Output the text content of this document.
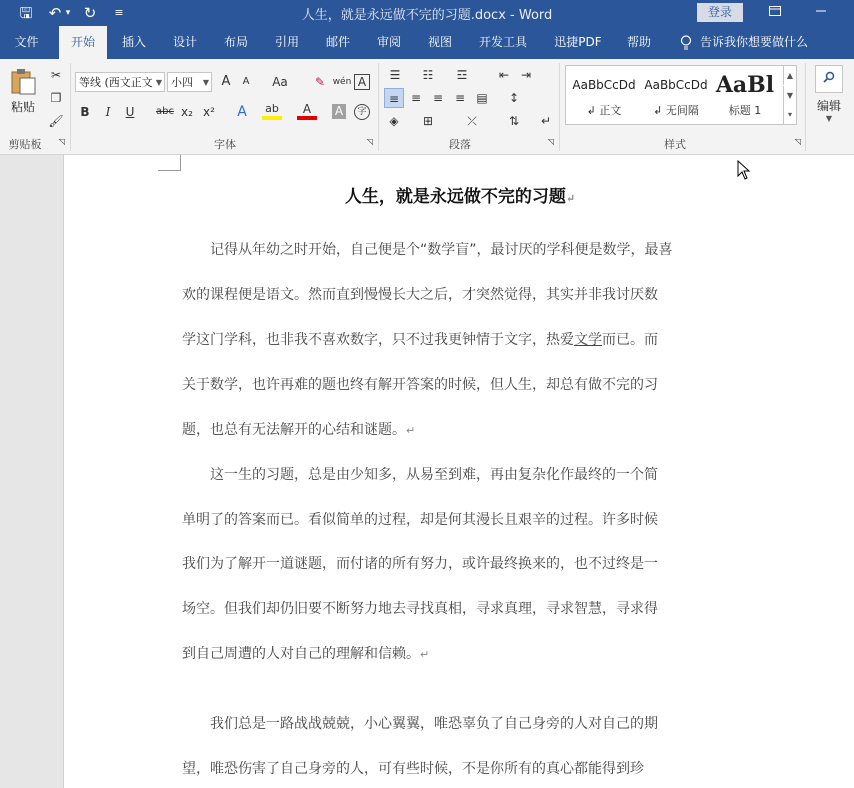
🖫 ↶ ▾ ↻	≡	人生，就是永远做不完的习题.docx - Word	登录
文件	开始	插入	设计	布局	引用	邮件	审阅	视图	开发工具	迅捷PDF	帮助	告诉我你想要做什么
粘贴
✂
❐
🖌
剪贴板	◹
等线 (西文正文 ▼ 小四 ▼ A	A	Aa	✎ wén A
B	I	U	abc x₂ x²	A	ab	A	A	字
字体	◹
☰	☷	☲	⇤ ⇥
≡ ≡ ≡ ≡ ▤	↕
◈	⊞	⤫	⇅	↵
段落	◹
AaBbCcDd
↲ 正文
AaBbCcDd
↲ 无间隔
AaBl
标题 1
▲
▼
▾
样式	◹
编辑
▼
人生，就是永远做不完的习题↵
　　记得从年幼之时开始，自己便是个“数学盲”，最讨厌的学科便是数学，最喜
欢的课程便是语文。然而直到慢慢长大之后，才突然觉得，其实并非我讨厌数
学这门学科，也非我不喜欢数字，只不过我更钟情于文字，热爱文学而已。而
关于数学，也许再难的题也终有解开答案的时候，但人生，却总有做不完的习
题，也总有无法解开的心结和谜题。↵
　　这一生的习题，总是由少知多，从易至到难，再由复杂化作最终的一个简
单明了的答案而已。看似简单的过程，却是何其漫长且艰辛的过程。许多时候
我们为了解开一道谜题，而付诸的所有努力，或许最终换来的，也不过终是一
场空。但我们却仍旧要不断努力地去寻找真相，寻求真理，寻求智慧，寻求得
到自己周遭的人对自己的理解和信赖。↵
　　我们总是一路战战兢兢，小心翼翼，唯恐辜负了自己身旁的人对自己的期
望，唯恐伤害了自己身旁的人，可有些时候，不是你所有的真心都能得到珍
